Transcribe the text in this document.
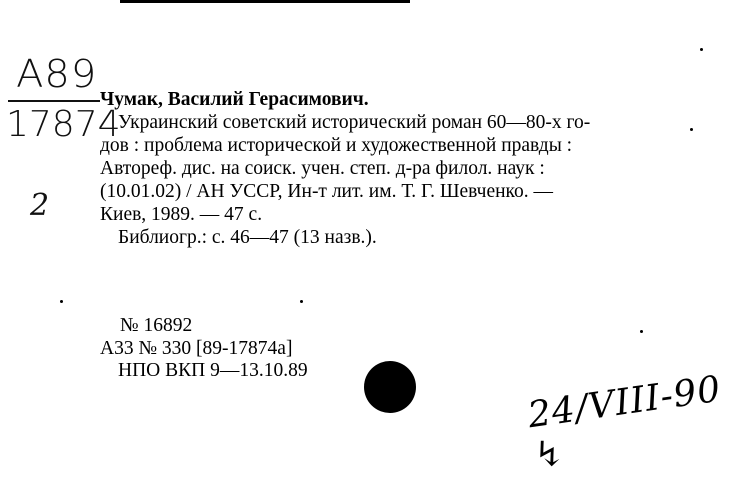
A89
17874
2
Чумак, Василий Герасимович.
Украинский советский исторический роман 60—80-х го-
дов : проблема исторической и художественной правды :
Автореф. дис. на соиск. учен. степ. д-ра филол. наук :
(10.01.02) / АН УССР, Ин-т лит. им. Т. Г. Шевченко. —
Киев, 1989. — 47 с.
Библиогр.: с. 46—47 (13 назв.).
№ 16892
А33 № 330 [89-17874а]
НПО ВКП 9—13.10.89	24/VIII-90 ↯
